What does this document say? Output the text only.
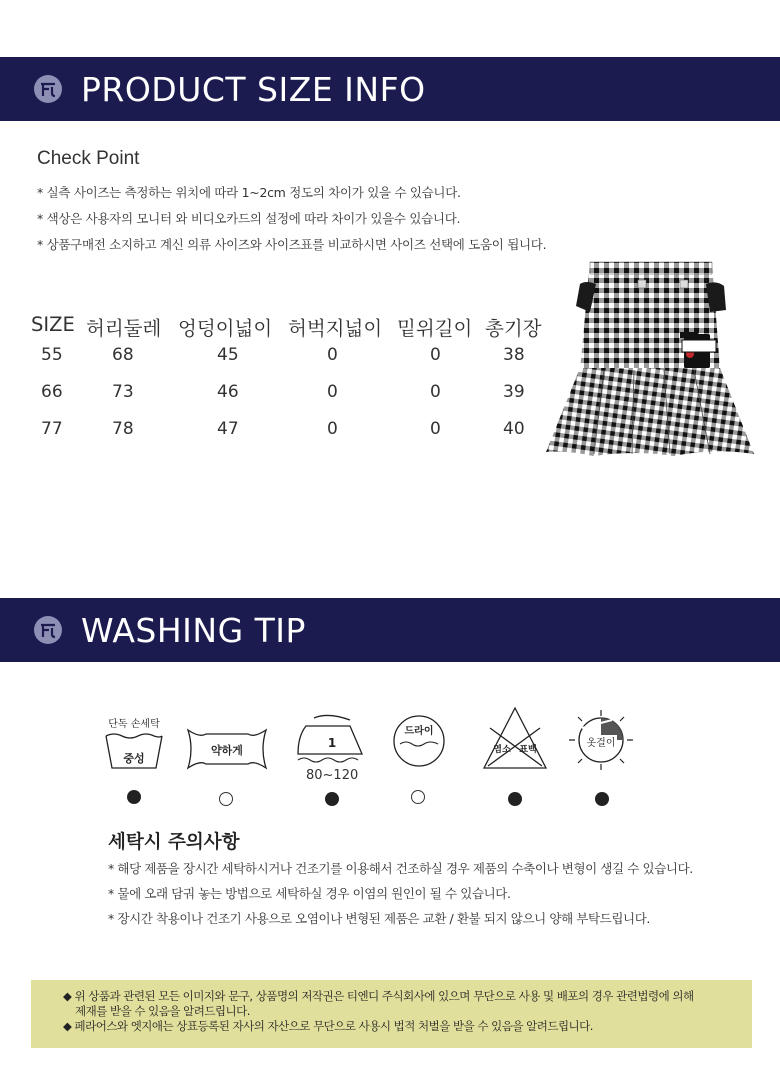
PRODUCT SIZE INFO
Check Point
* 실측 사이즈는 측정하는 위치에 따라 1~2cm 정도의 차이가 있을 수 있습니다.
* 색상은 사용자의 모니터 와 비디오카드의 설정에 따라 차이가 있을수 있습니다.
* 상품구매전 소지하고 계신 의류 사이즈와 사이즈표를 비교하시면 사이즈 선택에 도움이 됩니다.
SIZE 허리둘레 엉덩이넓이 허벅지넓이 밑위길이 총기장
55	68	45	0	0	38
66	73	46	0	0	39
77	78	47	0	0	40
WASHING TIP
단독 손세탁
중성
약하게
1
80~120
드라이
염소 표백
옷걸이
세탁시 주의사항
* 해당 제품을 장시간 세탁하시거나 건조기를 이용해서 건조하실 경우 제품의 수축이나 변형이 생길 수 있습니다.
* 물에 오래 담궈 놓는 방법으로 세탁하실 경우 이염의 원인이 될 수 있습니다.
* 장시간 착용이나 건조기 사용으로 오염이나 변형된 제품은 교환 / 환불 되지 않으니 양해 부탁드립니다.

◆ 위 상품과 관련된 모든 이미지와 문구, 상품명의 저작권은 티엔디 주식회사에 있으며 무단으로 사용 및 배포의 경우 관련법령에 의해

제재를 받을 수 있음을 알려드립니다.

◆ 페라어스와 엣지애는 상표등록된 자사의 자산으로 무단으로 사용시 법적 처벌을 받을 수 있음을 알려드립니다.
